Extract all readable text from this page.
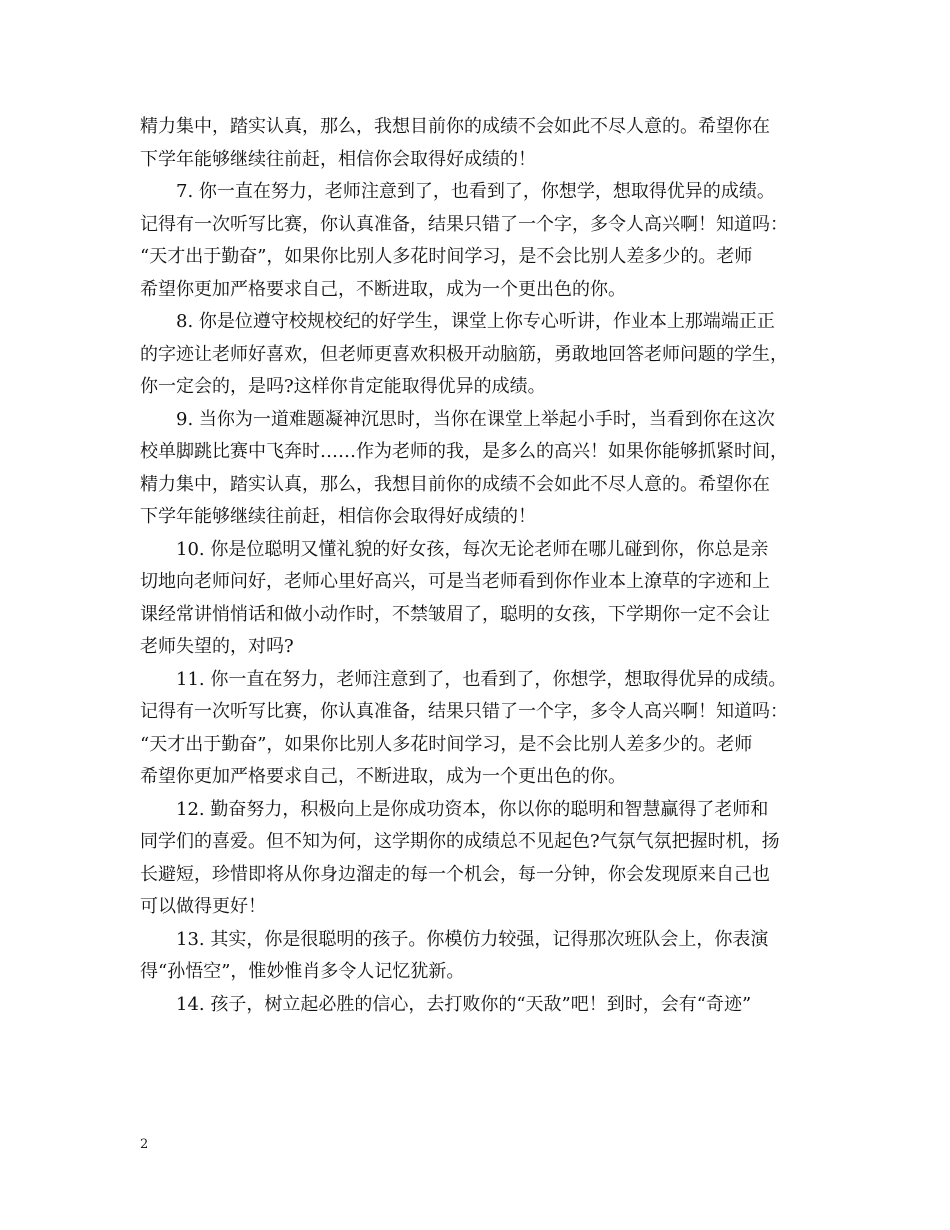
精力集中，踏实认真，那么，我想目前你的成绩不会如此不尽人意的。希望你在
下学年能够继续往前赶，相信你会取得好成绩的！
　　7. 你一直在努力，老师注意到了，也看到了，你想学，想取得优异的成绩。
记得有一次听写比赛，你认真准备，结果只错了一个字，多令人高兴啊！知道吗：
“天才出于勤奋”，如果你比别人多花时间学习，是不会比别人差多少的。老师
希望你更加严格要求自己，不断进取，成为一个更出色的你。
　　8. 你是位遵守校规校纪的好学生，课堂上你专心听讲，作业本上那端端正正
的字迹让老师好喜欢，但老师更喜欢积极开动脑筋，勇敢地回答老师问题的学生，
你一定会的，是吗?这样你肯定能取得优异的成绩。
　　9. 当你为一道难题凝神沉思时，当你在课堂上举起小手时，当看到你在这次
校单脚跳比赛中飞奔时……作为老师的我，是多么的高兴！如果你能够抓紧时间，
精力集中，踏实认真，那么，我想目前你的成绩不会如此不尽人意的。希望你在
下学年能够继续往前赶，相信你会取得好成绩的！
　　10. 你是位聪明又懂礼貌的好女孩，每次无论老师在哪儿碰到你，你总是亲
切地向老师问好，老师心里好高兴，可是当老师看到你作业本上潦草的字迹和上
课经常讲悄悄话和做小动作时，不禁皱眉了，聪明的女孩，下学期你一定不会让
老师失望的，对吗?
　　11. 你一直在努力，老师注意到了，也看到了，你想学，想取得优异的成绩。
记得有一次听写比赛，你认真准备，结果只错了一个字，多令人高兴啊！知道吗：
“天才出于勤奋”，如果你比别人多花时间学习，是不会比别人差多少的。老师
希望你更加严格要求自己，不断进取，成为一个更出色的你。
　　12. 勤奋努力，积极向上是你成功资本，你以你的聪明和智慧赢得了老师和
同学们的喜爱。但不知为何，这学期你的成绩总不见起色?气氛气氛把握时机，扬
长避短，珍惜即将从你身边溜走的每一个机会，每一分钟，你会发现原来自己也
可以做得更好！
　　13. 其实，你是很聪明的孩子。你模仿力较强，记得那次班队会上，你表演
得“孙悟空”，惟妙惟肖多令人记忆犹新。
　　14. 孩子，树立起必胜的信心，去打败你的“天敌”吧！到时，会有“奇迹”
2
